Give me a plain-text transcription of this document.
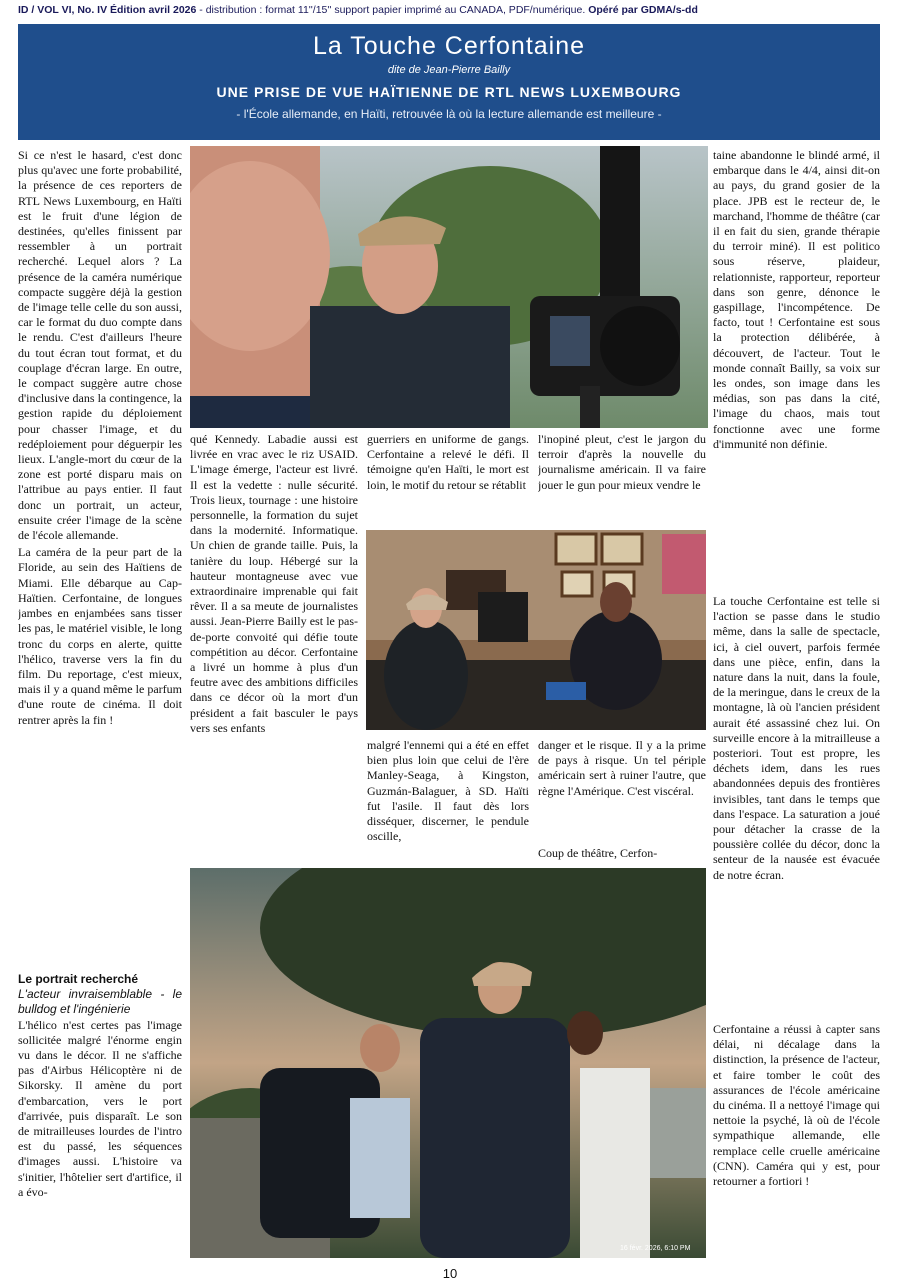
ID / VOL VI, No. IV Édition avril 2026 - distribution : format 11''/15'' support papier imprimé au CANADA, PDF/numérique. Opéré par GDMA/s-dd
La Touche Cerfontaine
dite de Jean-Pierre Bailly
UNE PRISE DE VUE HAÏTIENNE DE RTL NEWS LUXEMBOURG
- l'École allemande, en Haïti, retrouvée là où la lecture allemande est meilleure -

Si ce n'est le hasard, c'est donc plus qu'avec une forte probabilité, la présence de ces reporters de RTL News Luxembourg, en Haïti est le fruit d'une légion de destinées, qu'elles finissent par ressembler à un portrait recherché. Lequel alors ? La présence de la caméra numérique compacte suggère déjà la gestion de l'image telle celle du son aussi, car le format du duo compte dans le rendu. C'est d'ailleurs l'heure du tout écran tout format, et du couplage d'écran large. En outre, le compact suggère autre chose d'inclusive dans la contingence, la gestion rapide du déploiement pour chasser l'image, et du redéploiement pour déguerpir les lieux. L'angle-mort du cœur de la zone est porté disparu mais on l'attribue au pays entier. Il faut donc un portrait, un acteur, ensuite créer l'image de la scène de l'école allemande.

La caméra de la peur part de la Floride, au sein des Haïtiens de Miami. Elle débarque au Cap-Haïtien. Cerfontaine, de longues jambes en enjambées sans tisser les pas, le matériel visible, le long tronc du corps en alerte, quitte l'hélico, traverse vers la fin du film. Du reportage, c'est mieux, mais il y a quand même le parfum d'une route de cinéma. Il doit rentrer après la fin !

Le portrait recherché
L'acteur invraisemblable - le bulldog et l'ingénierie

L'hélico n'est certes pas l'image sollicitée malgré l'énorme engin vu dans le décor. Il ne s'affiche pas d'Airbus Hélicoptère ni de Sikorsky. Il amène du port d'embarcation, vers le port d'arrivée, puis disparaît. Le son de mitrailleuses lourdes de l'intro est du passé, les séquences d'images aussi. L'histoire va s'initier, l'hôtelier sert d'artifice, il a évo-

qué Kennedy. Labadie aussi est livrée en vrac avec le riz USAID. L'image émerge, l'acteur est livré. Il est la vedette : nulle sécurité. Trois lieux, tournage : une histoire personnelle, la formation du sujet dans la modernité. Informatique. Un chien de grande taille. Puis, la tanière du loup. Hébergé sur la hauteur montagneuse avec vue extraordinaire imprenable qui fait rêver. Il a sa meute de journalistes aussi. Jean-Pierre Bailly est le pas-de-porte convoité qui défie toute compétition au décor. Cerfontaine a livré un homme à plus d'un feutre avec des ambitions difficiles dans ce décor où la mort d'un président a fait basculer le pays vers ses enfants

guerriers en uniforme de gangs. Cerfontaine a relevé le défi. Il témoigne qu'en Haïti, le mort est loin, le motif du retour se rétablit

malgré l'ennemi qui a été en effet bien plus loin que celui de l'ère Manley-Seaga, à Kingston, Guzmán-Balaguer, à SD. Haïti fut l'asile. Il faut dès lors disséquer, discerner, le pendule oscille,

l'inopiné pleut, c'est le jargon du terroir d'après la nouvelle du journalisme américain. Il va faire jouer le gun pour mieux vendre le

danger et le risque. Il y a la prime de pays à risque. Un tel périple américain sert à ruiner l'autre, que règne l'Amérique. C'est viscéral.

Coup de théâtre, Cerfon-

taine abandonne le blindé armé, il embarque dans le 4/4, ainsi dit-on au pays, du grand gosier de la place. JPB est le recteur de, le marchand, l'homme de théâtre (car il en fait du sien, grande thérapie du terroir miné). Il est politico sous réserve, plaideur, relationniste, rapporteur, reporteur dans son genre, dénonce le gaspillage, l'incompétence. De facto, tout ! Cerfontaine est sous la protection délibérée, à découvert, de l'acteur. Tout le monde connaît Bailly, sa voix sur les ondes, son image dans les médias, son pas dans la cité, l'image du chaos, mais tout fonctionne avec une forme d'immunité non définie.

La touche Cerfontaine est telle si l'action se passe dans le studio même, dans la salle de spectacle, ici, à ciel ouvert, parfois fermée dans une pièce, enfin, dans la nature dans la nuit, dans la foule, de la meringue, dans le creux de la montagne, là où l'ancien président aurait été assassiné chez lui. On surveille encore à la mitrailleuse a posteriori. Tout est propre, les déchets idem, dans les rues abandonnées depuis des frontières invisibles, tant dans le temps que dans l'espace. La saturation a joué pour détacher la crasse de la poussière collée du décor, donc la senteur de la nausée est évacuée de notre écran.

Cerfontaine a réussi à capter sans délai, ni décalage dans la distinction, la présence de l'acteur, et faire tomber le coût des assurances de l'école américaine du cinéma. Il a nettoyé l'image qui nettoie la psyché, là où de l'école sympathique allemande, elle remplace celle cruelle américaine (CNN). Caméra qui y est, pour retourner a fortiori !

16 févr. 2026, 6:10 PM
10
